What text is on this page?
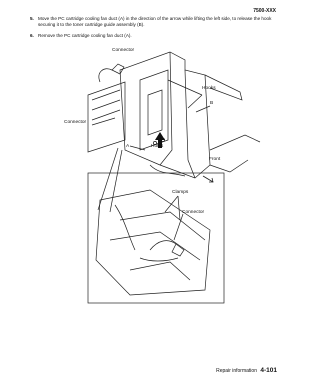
7500-XXX
5. Move the PC cartridge cooling fan duct (A) in the direction of the arrow while lifting the left side, to release the hook securing it to the toner cartridge guide assembly (B).
6. Remove the PC cartridge cooling fan duct (A).
Connector
Hooks
B
Connector
A	Holes
Front
Clamps
Connector
Repair information 4-101
